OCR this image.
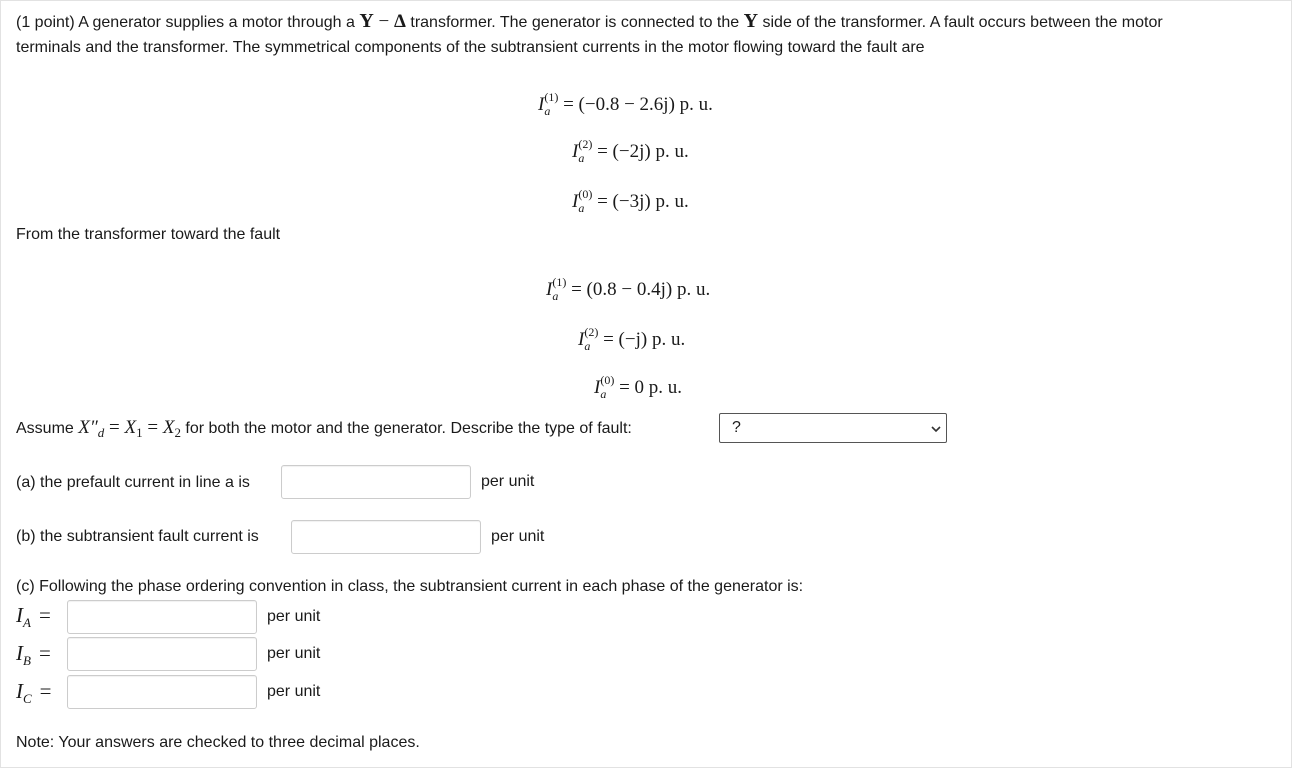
(1 point) A generator supplies a motor through a Y − Δ transformer. The generator is connected to the Y side of the transformer. A fault occurs between the motor
terminals and the transformer. The symmetrical components of the subtransient currents in the motor flowing toward the fault are
$I_a^{(1)} = (-0.8 - 2.6j)$ p. u.
$I_a^{(2)} = (-2j)$ p. u.
$I_a^{(0)} = (-3j)$ p. u.
From the transformer toward the fault
$I_a^{(1)} = (0.8 - 0.4j)$ p. u.
$I_a^{(2)} = (-j)$ p. u.
$I_a^{(0)} = 0$ p. u.
Assume $X''_d = X_1 = X_2$ for both the motor and the generator. Describe the type of fault:	?
(a) the prefault current in line a is	per unit
(b) the subtransient fault current is	per unit
(c) Following the phase ordering convention in class, the subtransient current in each phase of the generator is:
$I_A$ =	per unit
$I_B$ =	per unit
$I_C$ =	per unit
Note: Your answers are checked to three decimal places.
